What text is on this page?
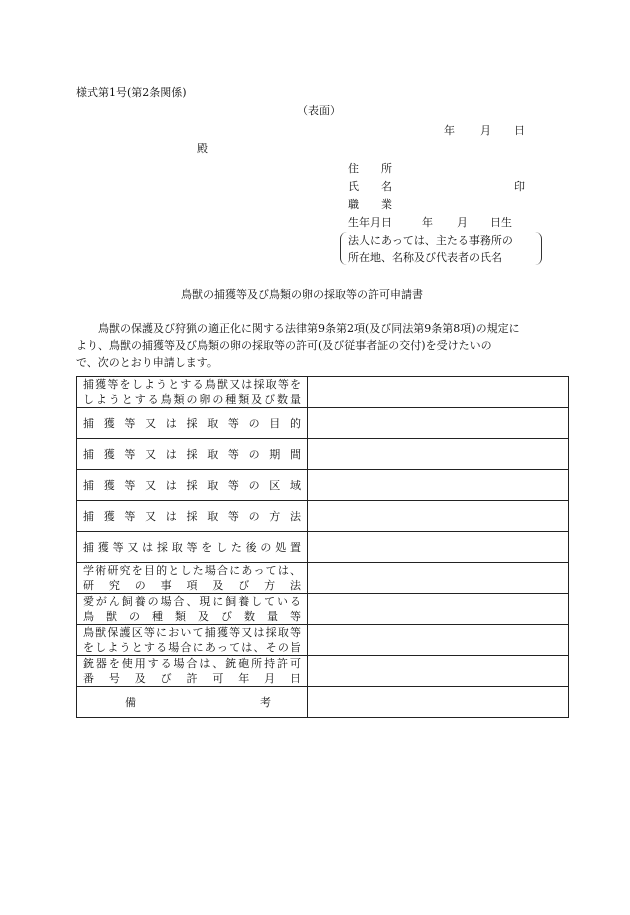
様式第1号(第2条関係)
（表面）
年 月 日
殿
住　　所
氏　　名	印
職　　業
生年月日	年 月 日生
法人にあっては、主たる事務所の
所在地、名称及び代表者の氏名
鳥獣の捕獲等及び鳥類の卵の採取等の許可申請書

鳥獣の保護及び狩猟の適正化に関する法律第9条第2項(及び同法第9条第8項)の規定に

より、鳥獣の捕獲等及び鳥類の卵の採取等の許可(及び従事者証の交付)を受けたいの

で、次のとおり申請します。

捕獲等をしようとする鳥獣又は採取等を
しようとする鳥類の卵の種類及び数量	

捕獲等又は採取等の目的	

捕獲等又は採取等の期間	

捕獲等又は採取等の区域	

捕獲等又は採取等の方法	

捕獲等又は採取等をした後の処置	

学術研究を目的とした場合にあっては、
研究の事項及び方法	

愛がん飼養の場合、現に飼養している
鳥獣の種類及び数量等	

鳥獣保護区等において捕獲等又は採取等
をしようとする場合にあっては、その旨	

銃器を使用する場合は、銃砲所持許可
番号及び許可年月日	

備考	
